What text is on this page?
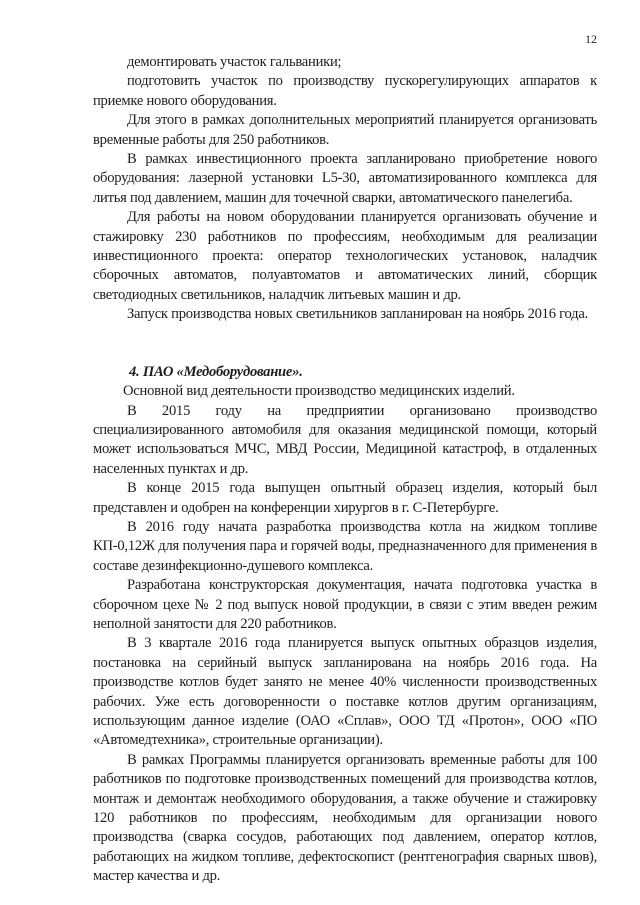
12

демонтировать участок гальваники;

подготовить участок по производству пускорегулирующих аппаратов к приемке нового оборудования.

Для этого в рамках дополнительных мероприятий планируется организовать временные работы для 250 работников.

В рамках инвестиционного проекта запланировано приобретение нового оборудования: лазерной установки L5-30, автоматизированного комплекса для литья под давлением, машин для точечной сварки, автоматического панелегиба.

Для работы на новом оборудовании планируется организовать обучение и стажировку 230 работников по профессиям, необходимым для реализации инвестиционного проекта: оператор технологических установок, наладчик сборочных автоматов, полуавтоматов и автоматических линий, сборщик светодиодных светильников, наладчик литьевых машин и др.

Запуск производства новых светильников запланирован на ноябрь 2016 года.

4. ПАО «Медоборудование».

Основной вид деятельности производство медицинских изделий.

В 2015 году на предприятии организовано производство специализированного автомобиля для оказания медицинской помощи, который может использоваться МЧС, МВД России, Медициной катастроф, в отдаленных населенных пунктах и др.

В конце 2015 года выпущен опытный образец изделия, который был представлен и одобрен на конференции хирургов в г. С-Петербурге.

В 2016 году начата разработка производства котла на жидком топливе КП-0,12Ж для получения пара и горячей воды, предназначенного для применения в составе дезинфекционно-душевого комплекса.

Разработана конструкторская документация, начата подготовка участка в сборочном цехе № 2 под выпуск новой продукции, в связи с этим введен режим неполной занятости для 220 работников.

В 3 квартале 2016 года планируется выпуск опытных образцов изделия, постановка на серийный выпуск запланирована на ноябрь 2016 года. На производстве котлов будет занято не менее 40% численности производственных рабочих. Уже есть договоренности о поставке котлов другим организациям, использующим данное изделие (ОАО «Сплав», ООО ТД «Протон», ООО «ПО «Автомедтехника», строительные организации).

В рамках Программы планируется организовать временные работы для 100 работников по подготовке производственных помещений для производства котлов, монтаж и демонтаж необходимого оборудования, а также обучение и стажировку 120 работников по профессиям, необходимым для организации нового производства (сварка сосудов, работающих под давлением, оператор котлов, работающих на жидком топливе, дефектоскопист (рентгенография сварных швов), мастер качества и др.
